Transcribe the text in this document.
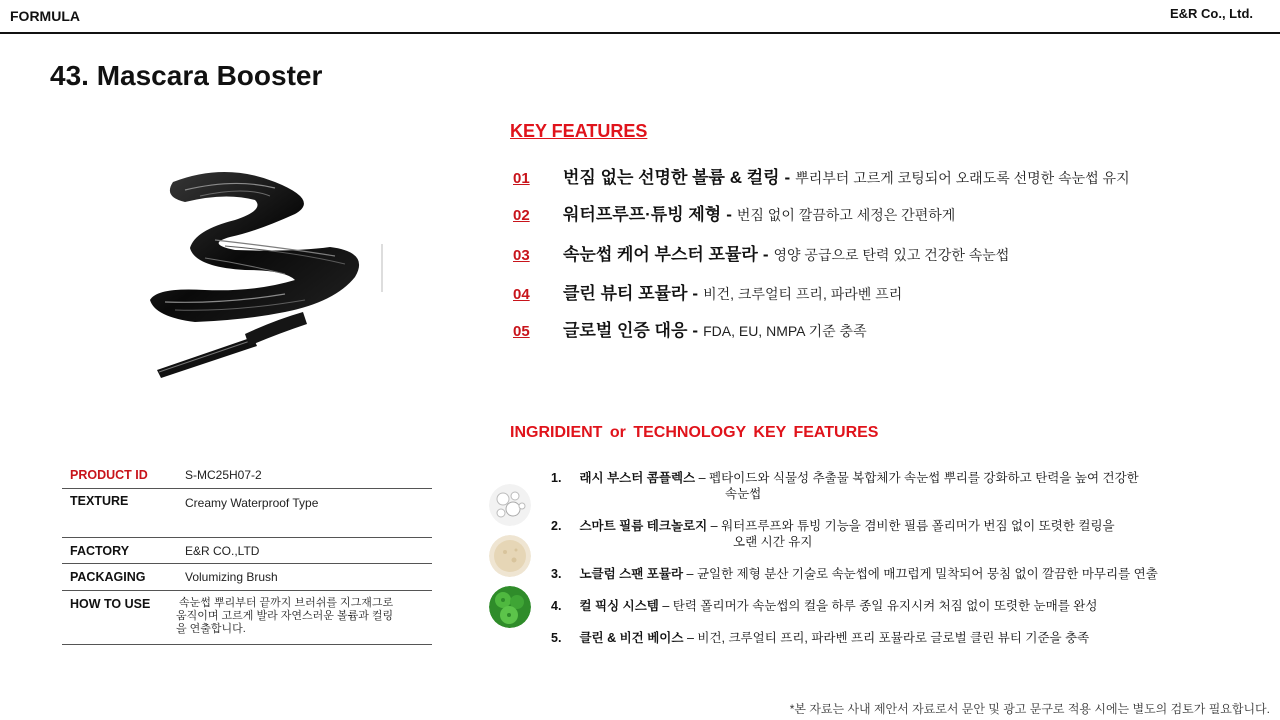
FORMULA	E&R Co., Ltd.
43. Mascara Booster
KEY FEATURES
01	번짐 없는 선명한 볼륨 & 컬링 - 뿌리부터 고르게 코팅되어 오래도록 선명한 속눈썹 유지
02	워터프루프·튜빙 제형 - 번짐 없이 깔끔하고 세정은 간편하게
03	속눈썹 케어 부스터 포뮬라 - 영양 공급으로 탄력 있고 건강한 속눈썹
04	클린 뷰티 포뮬라 - 비건, 크루얼티 프리, 파라벤 프리
05	글로벌 인증 대응 - FDA, EU, NMPA 기준 충족
INGRIDIENT or TECHNOLOGY KEY FEATURES
1. 래시 부스터 콤플렉스 – 펩타이드와 식물성 추출물 복합체가 속눈썹 뿌리를 강화하고 탄력을 높여 건강한
속눈썹
2. 스마트 필름 테크놀로지 – 워터프루프와 튜빙 기능을 겸비한 필름 폴리머가 번짐 없이 또렷한 컬링을
오랜 시간 유지
3. 노클럼 스팬 포뮬라 – 균일한 제형 분산 기술로 속눈썹에 매끄럽게 밀착되어 뭉침 없이 깔끔한 마무리를 연출
4. 컬 픽싱 시스템 – 탄력 폴리머가 속눈썹의 컬을 하루 종일 유지시켜 처짐 없이 또렷한 눈매를 완성
5. 클린 & 비건 베이스 – 비건, 크루얼티 프리, 파라벤 프리 포뮬라로 글로벌 클린 뷰티 기준을 충족
PRODUCT ID	S-MC25H07-2
TEXTURE	Creamy Waterproof Type
FACTORY	E&R CO.,LTD
PACKAGING	Volumizing Brush
HOW TO USE 속눈썹 뿌리부터 끝까지 브러쉬를 지그재그로
움직이며 고르게 발라 자연스러운 볼륨과 컬링
을 연출합니다.
*본 자료는 사내 제안서 자료로서 문안 및 광고 문구로 적용 시에는 별도의 검토가 필요합니다.
